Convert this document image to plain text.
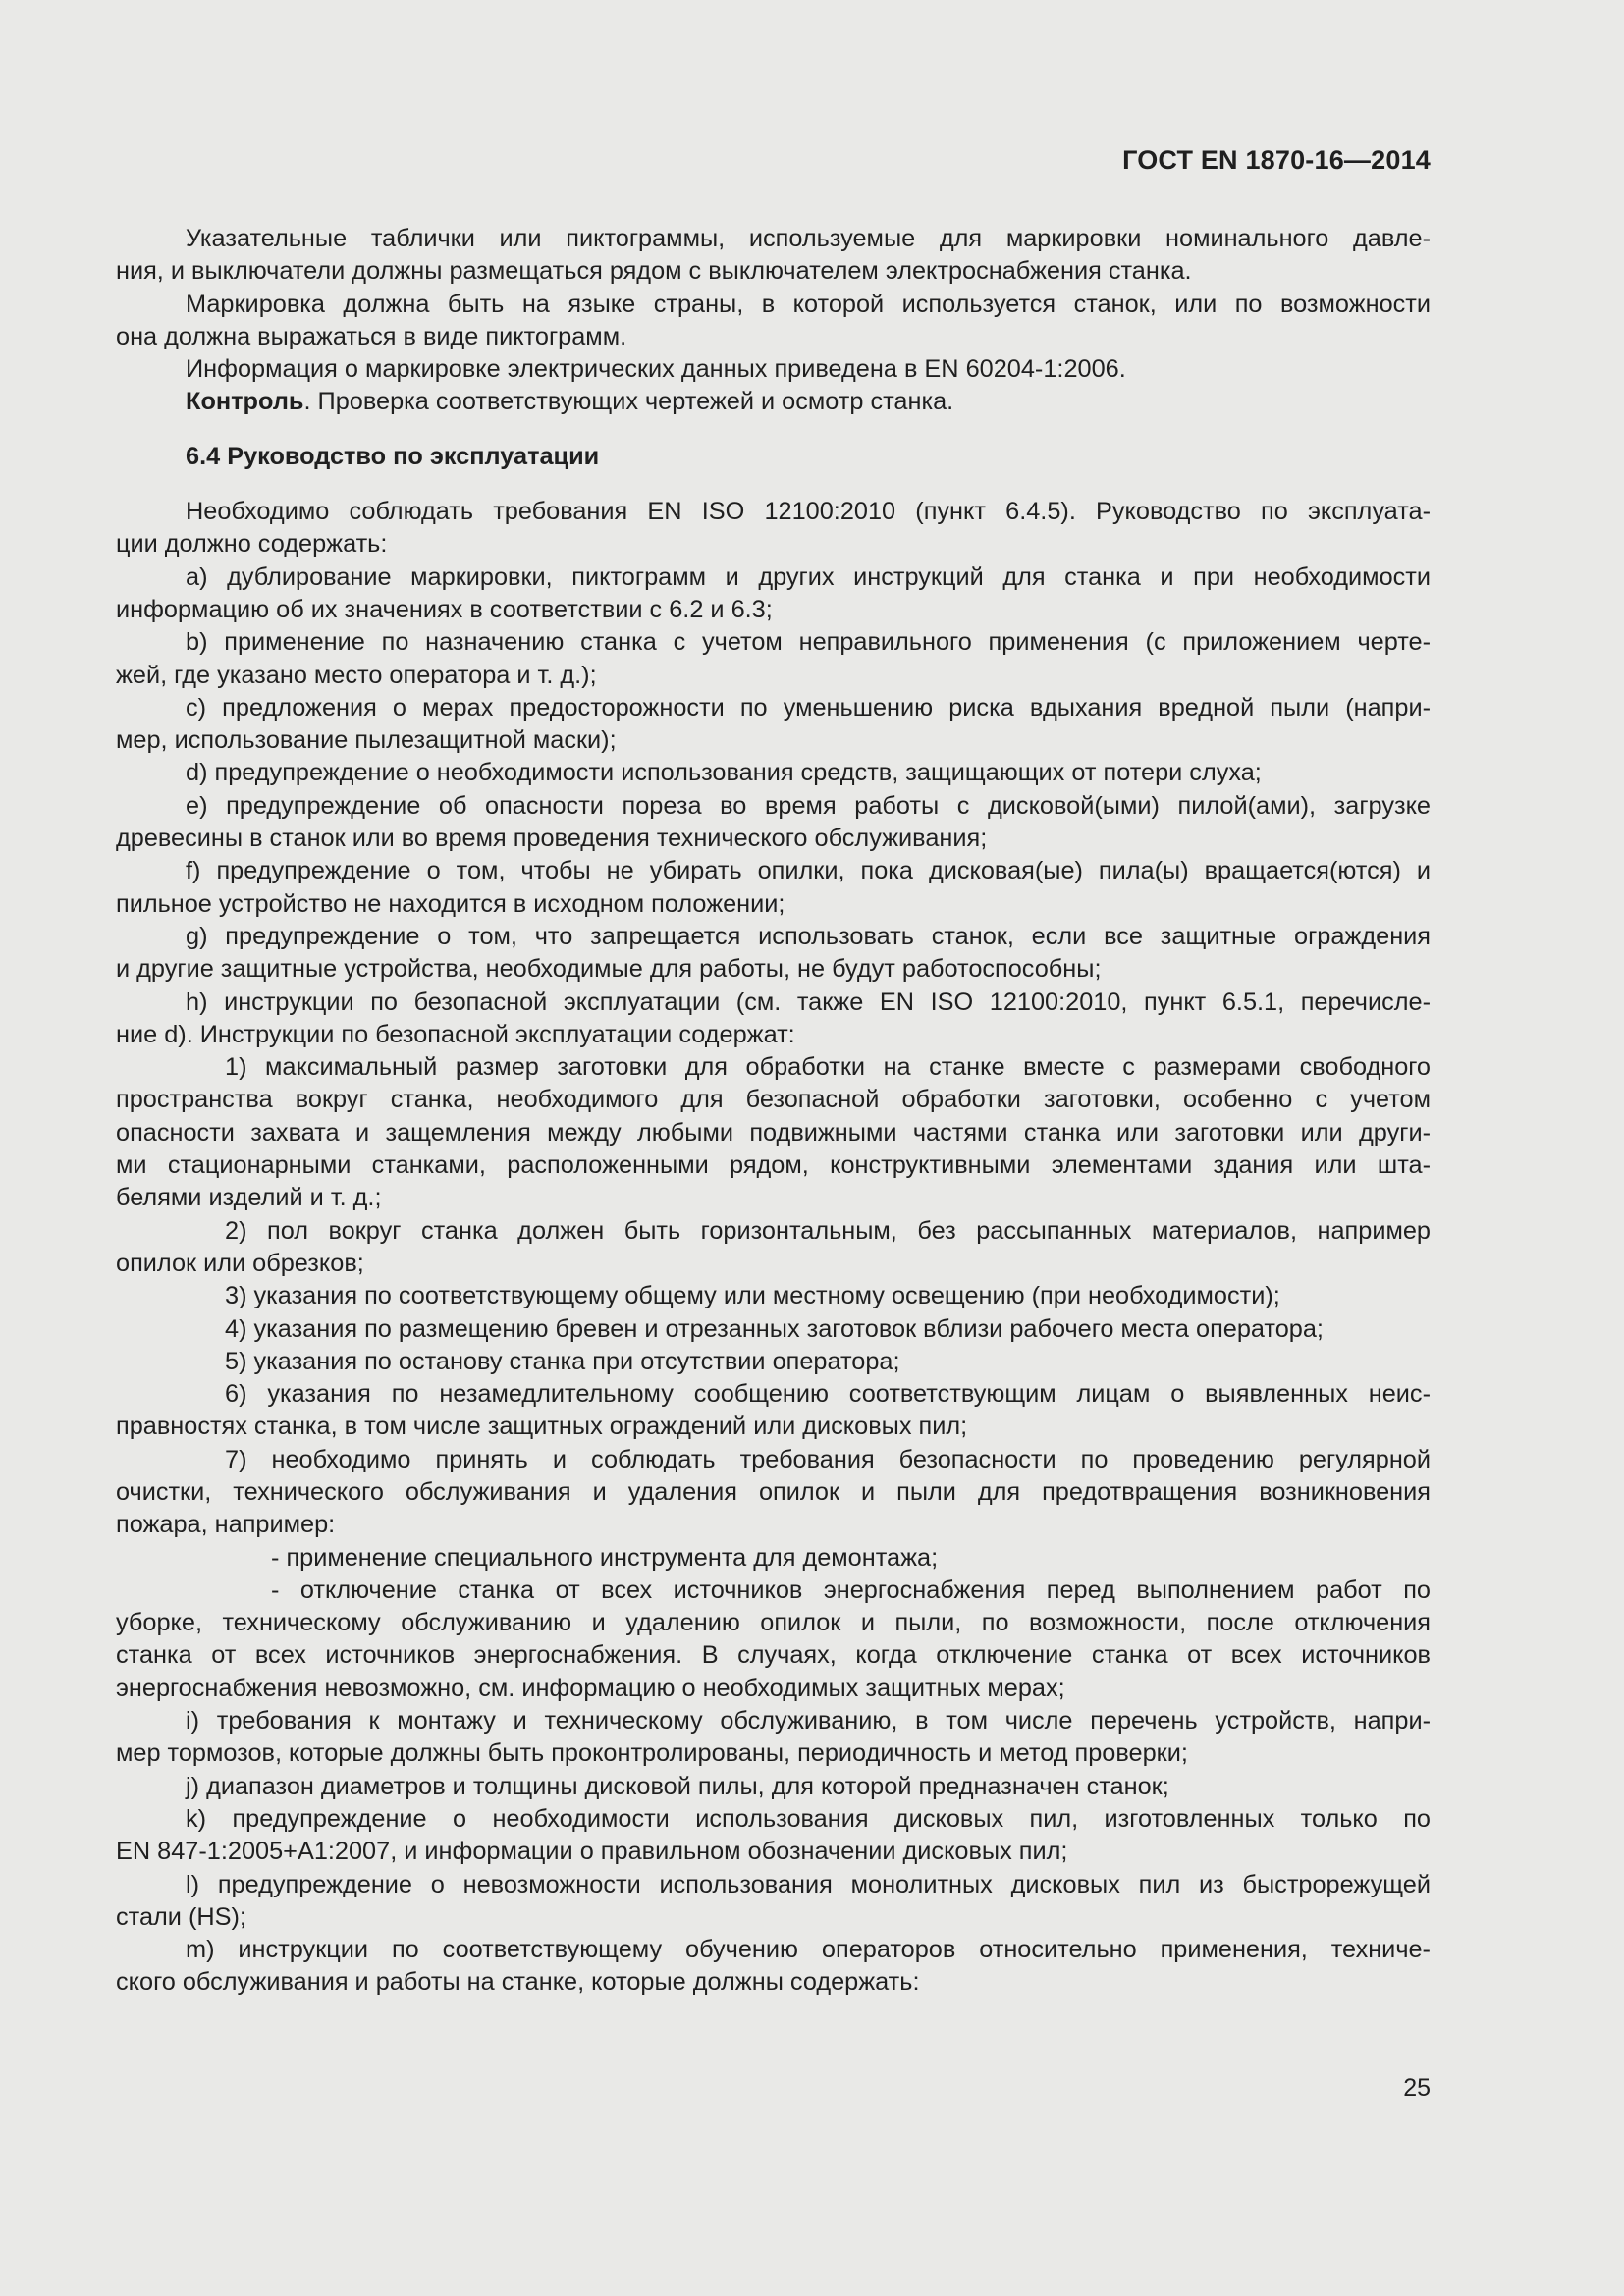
ГОСТ EN 1870-16—2014
Указательные таблички или пиктограммы, используемые для маркировки номинального давле-
ния, и выключатели должны размещаться рядом с выключателем электроснабжения станка.
Маркировка должна быть на языке страны, в которой используется станок, или по возможности
она должна выражаться в виде пиктограмм.
Информация о маркировке электрических данных приведена в EN 60204-1:2006.
Контроль. Проверка соответствующих чертежей и осмотр станка.
6.4 Руководство по эксплуатации
Необходимо соблюдать требования EN ISO 12100:2010 (пункт 6.4.5). Руководство по эксплуата-
ции должно содержать:
a) дублирование маркировки, пиктограмм и других инструкций для станка и при необходимости
информацию об их значениях в соответствии с 6.2 и 6.3;
b) применение по назначению станка с учетом неправильного применения (с приложением черте-
жей, где указано место оператора и т. д.);
c) предложения о мерах предосторожности по уменьшению риска вдыхания вредной пыли (напри-
мер, использование пылезащитной маски);
d) предупреждение о необходимости использования средств, защищающих от потери слуха;
e) предупреждение об опасности пореза во время работы с дисковой(ыми) пилой(ами), загрузке
древесины в станок или во время проведения технического обслуживания;
f) предупреждение о том, чтобы не убирать опилки, пока дисковая(ые) пила(ы) вращается(ются) и
пильное устройство не находится в исходном положении;
g) предупреждение о том, что запрещается использовать станок, если все защитные ограждения
и другие защитные устройства, необходимые для работы, не будут работоспособны;
h) инструкции по безопасной эксплуатации (см. также EN ISO 12100:2010, пункт 6.5.1, перечисле-
ние d). Инструкции по безопасной эксплуатации содержат:
1) максимальный размер заготовки для обработки на станке вместе с размерами свободного
пространства вокруг станка, необходимого для безопасной обработки заготовки, особенно с учетом
опасности захвата и защемления между любыми подвижными частями станка или заготовки или други-
ми стационарными станками, расположенными рядом, конструктивными элементами здания или шта-
белями изделий и т. д.;
2) пол вокруг станка должен быть горизонтальным, без рассыпанных материалов, например
опилок или обрезков;
3) указания по соответствующему общему или местному освещению (при необходимости);
4) указания по размещению бревен и отрезанных заготовок вблизи рабочего места оператора;
5) указания по останову станка при отсутствии оператора;
6) указания по незамедлительному сообщению соответствующим лицам о выявленных неис-
правностях станка, в том числе защитных ограждений или дисковых пил;
7) необходимо принять и соблюдать требования безопасности по проведению регулярной
очистки, технического обслуживания и удаления опилок и пыли для предотвращения возникновения
пожара, например:
- применение специального инструмента для демонтажа;
- отключение станка от всех источников энергоснабжения перед выполнением работ по
уборке, техническому обслуживанию и удалению опилок и пыли, по возможности, после отключения
станка от всех источников энергоснабжения. В случаях, когда отключение станка от всех источников
энергоснабжения невозможно, см. информацию о необходимых защитных мерах;
i) требования к монтажу и техническому обслуживанию, в том числе перечень устройств, напри-
мер тормозов, которые должны быть проконтролированы, периодичность и метод проверки;
j) диапазон диаметров и толщины дисковой пилы, для которой предназначен станок;
k) предупреждение о необходимости использования дисковых пил, изготовленных только по
EN 847-1:2005+A1:2007, и информации о правильном обозначении дисковых пил;
l) предупреждение о невозможности использования монолитных дисковых пил из быстрорежущей
стали (HS);
m) инструкции по соответствующему обучению операторов относительно применения, техниче-
ского обслуживания и работы на станке, которые должны содержать:
25
